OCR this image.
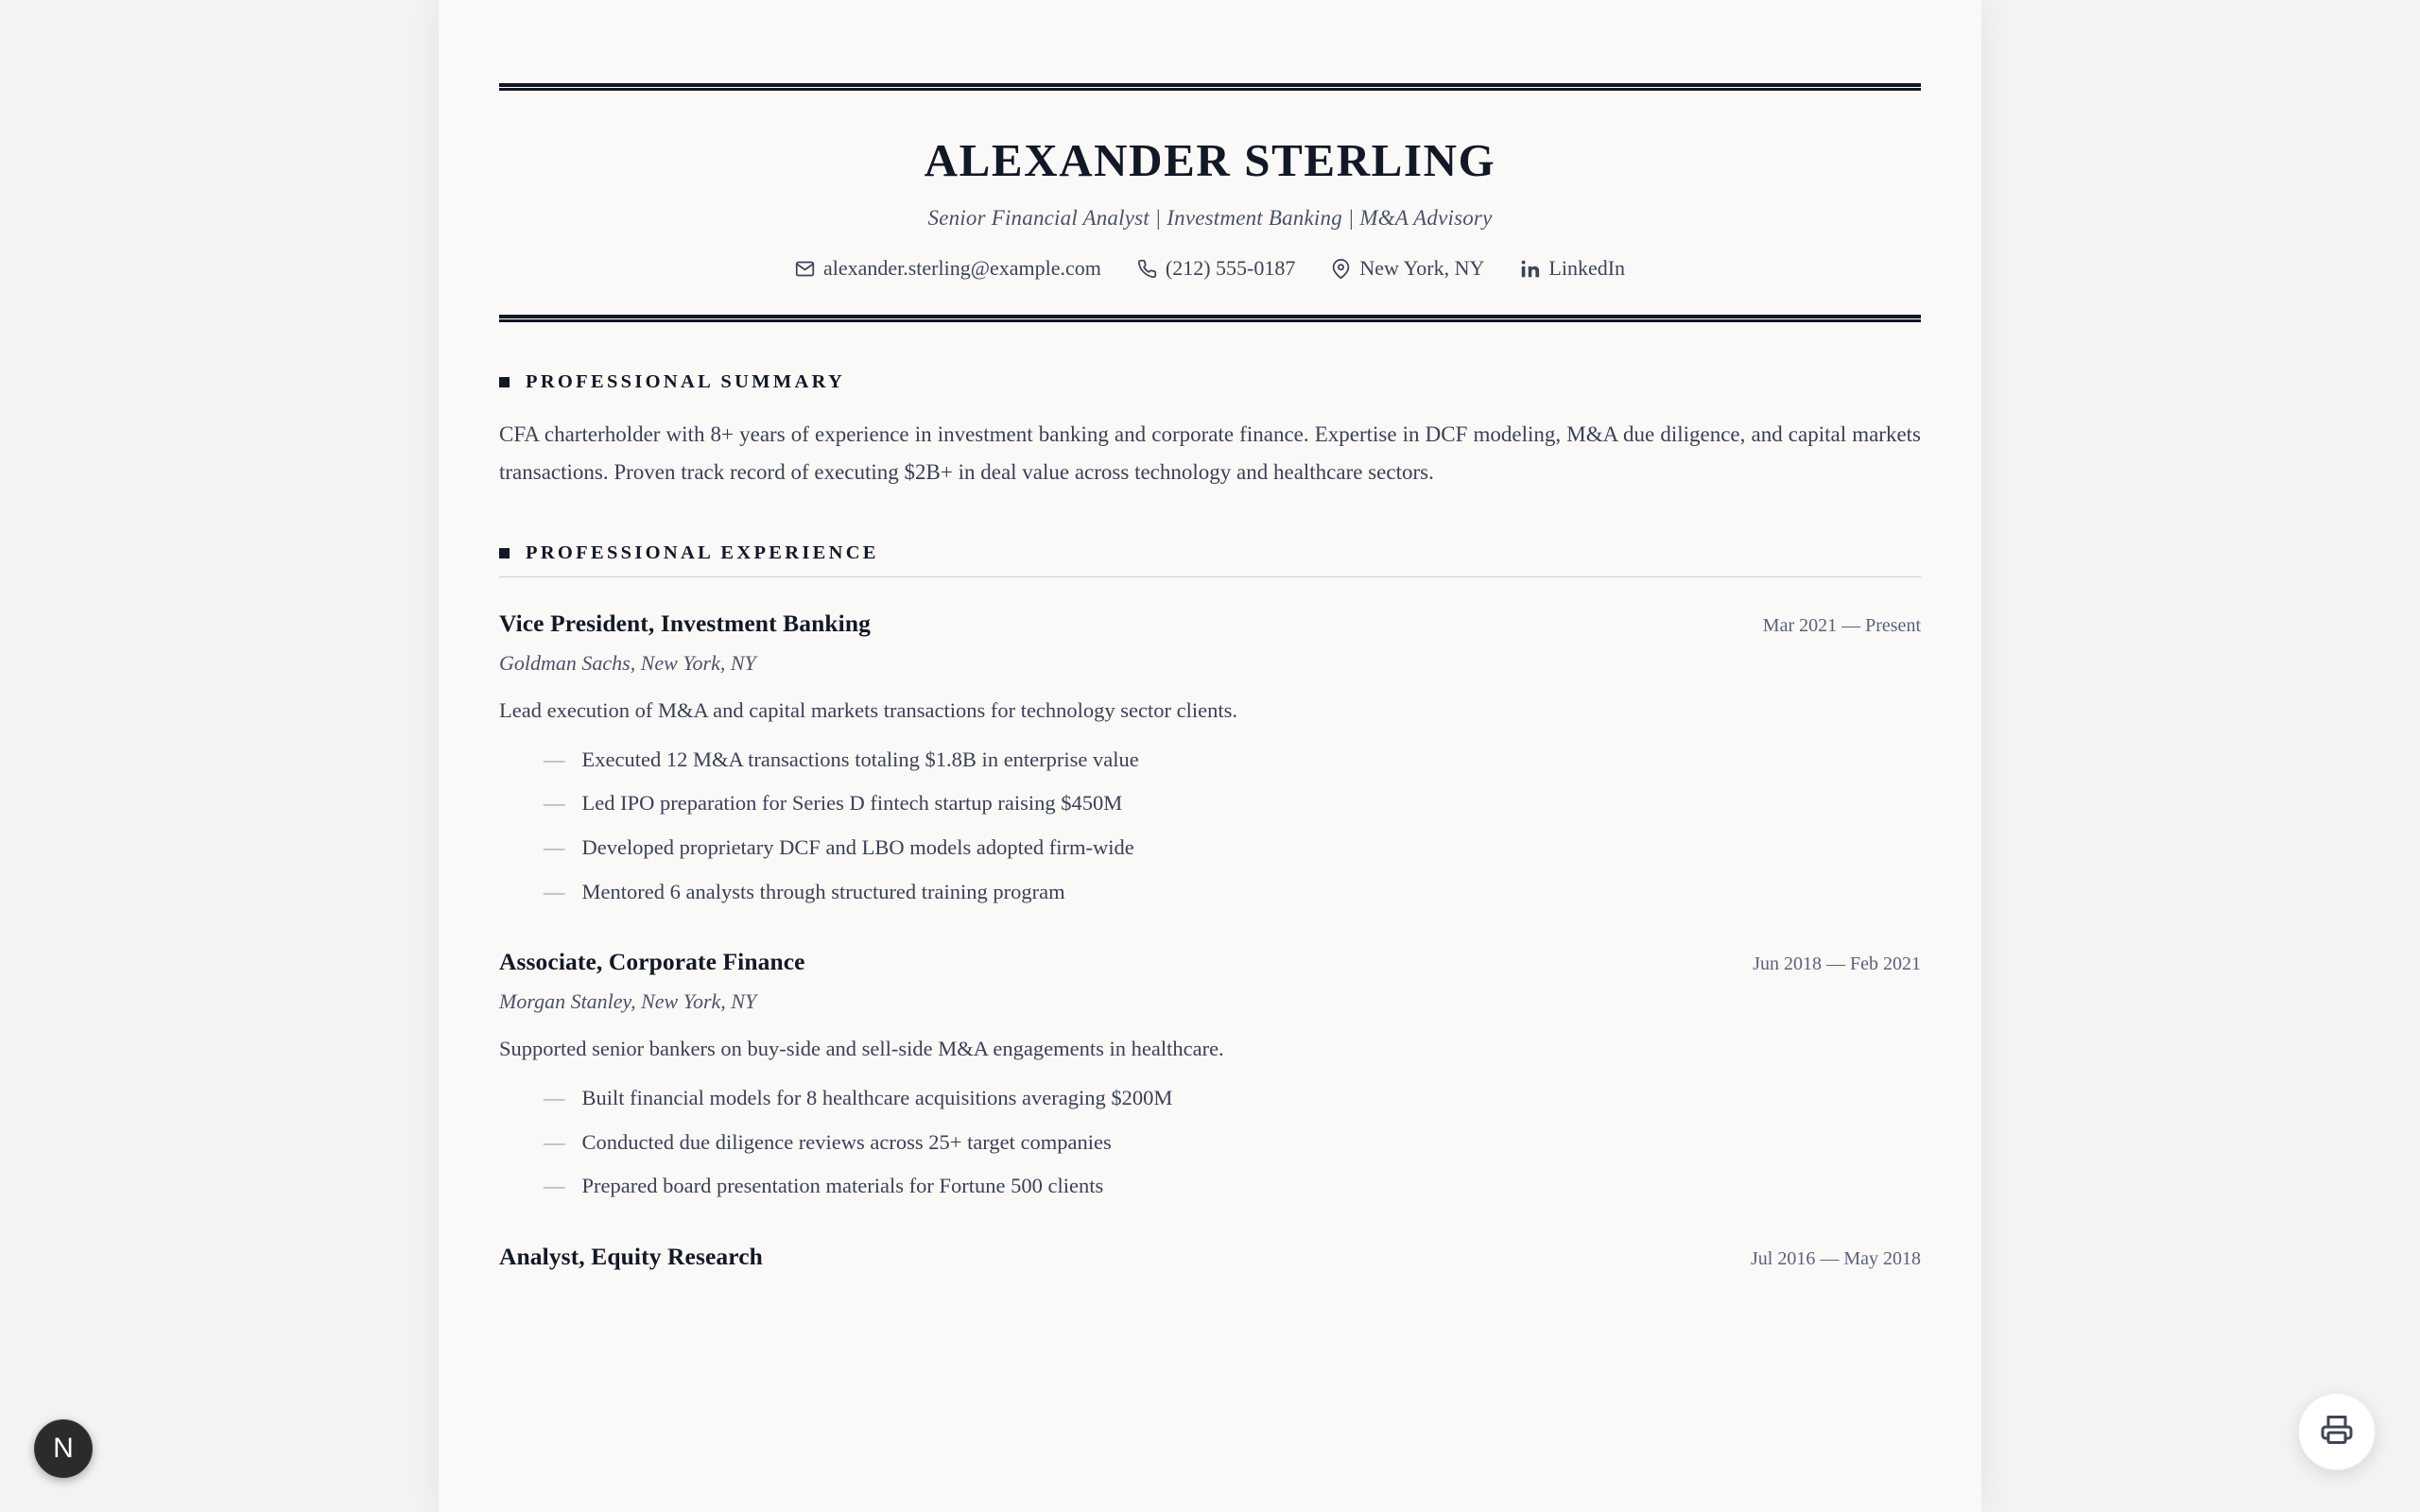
ALEXANDER STERLING
Senior Financial Analyst | Investment Banking | M&A Advisory
alexander.sterling@example.com	(212) 555-0187	New York, NY	LinkedIn
PROFESSIONAL SUMMARY

CFA charterholder with 8+ years of experience in investment banking and corporate finance. Expertise in DCF modeling, M&A due diligence, and capital markets transactions. Proven track record of executing $2B+ in deal value across technology and healthcare sectors.

PROFESSIONAL EXPERIENCE
Vice President, Investment Banking	Mar 2021 — Present
Goldman Sachs, New York, NY
Lead execution of M&A and capital markets transactions for technology sector clients.
— Executed 12 M&A transactions totaling $1.8B in enterprise value
— Led IPO preparation for Series D fintech startup raising $450M
— Developed proprietary DCF and LBO models adopted firm-wide
— Mentored 6 analysts through structured training program
Associate, Corporate Finance	Jun 2018 — Feb 2021
Morgan Stanley, New York, NY
Supported senior bankers on buy-side and sell-side M&A engagements in healthcare.
— Built financial models for 8 healthcare acquisitions averaging $200M
— Conducted due diligence reviews across 25+ target companies
— Prepared board presentation materials for Fortune 500 clients
Analyst, Equity Research	Jul 2016 — May 2018
N
